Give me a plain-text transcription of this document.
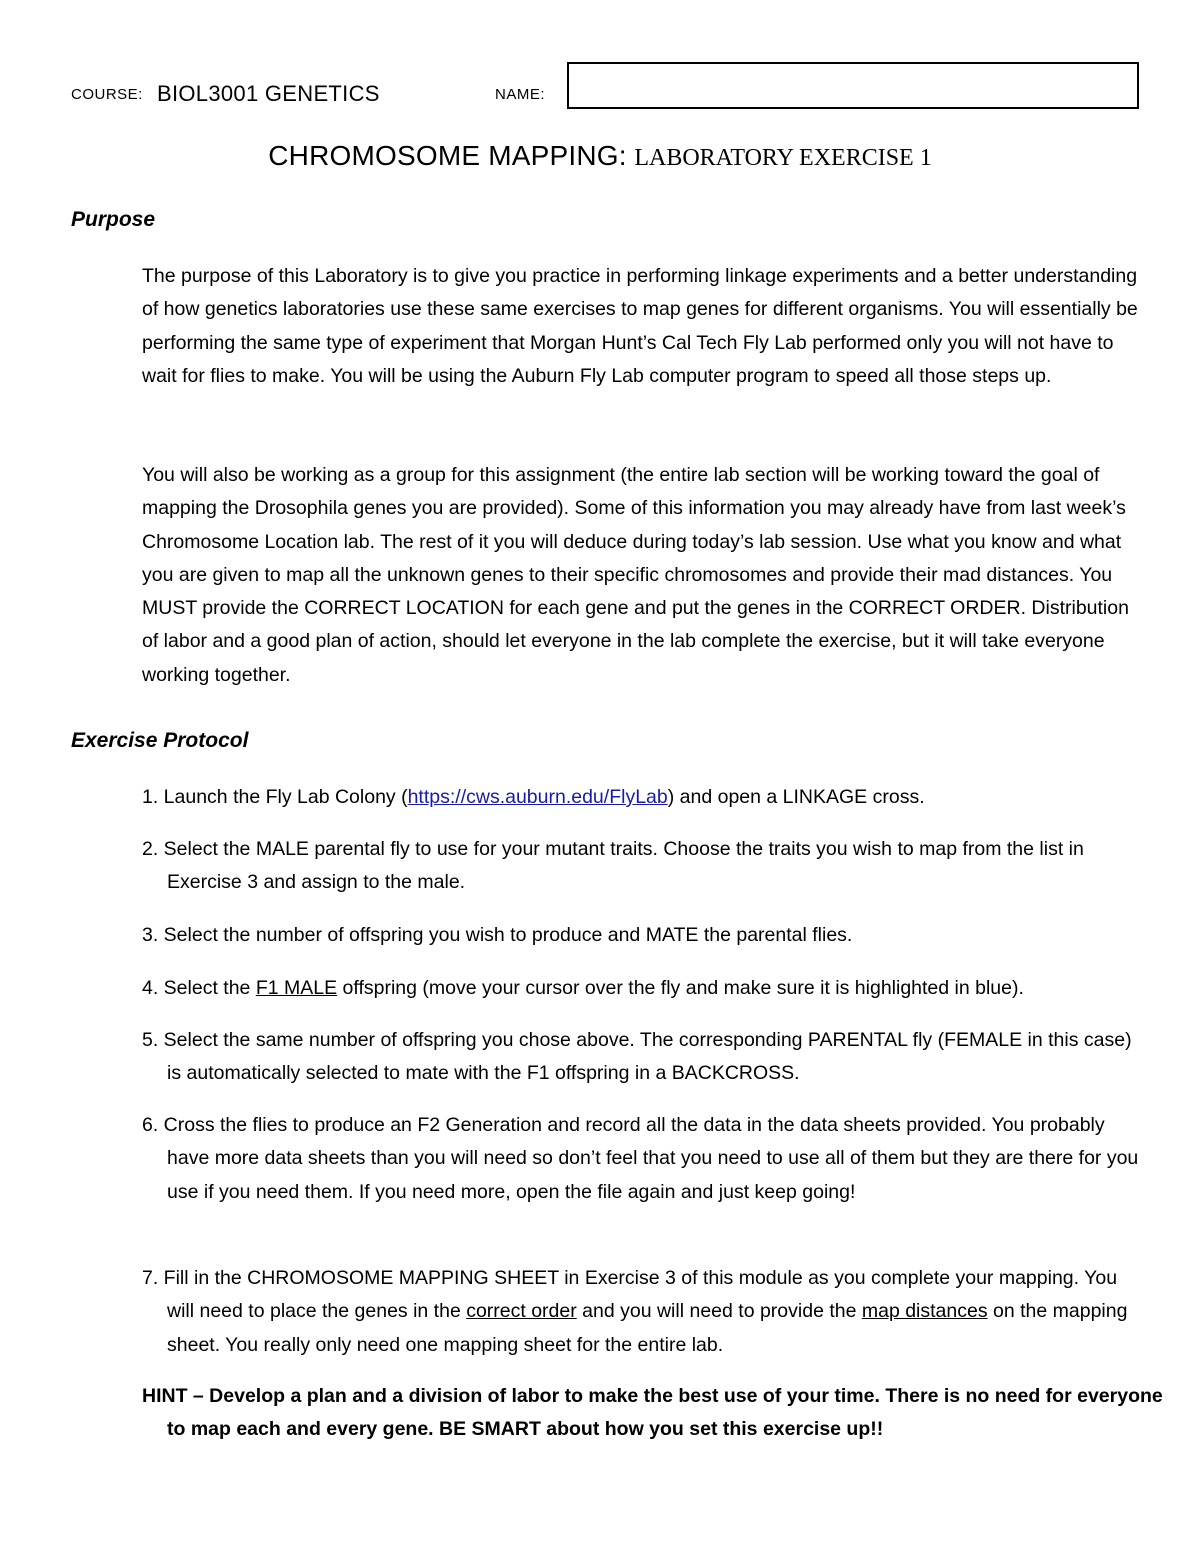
COURSE: BIOL3001 GENETICS	NAME:
CHROMOSOME MAPPING: LABORATORY EXERCISE 1
Purpose

The purpose of this Laboratory is to give you practice in performing linkage experiments and a better understanding of how genetics laboratories use these same exercises to map genes for different organisms. You will essentially be performing the same type of experiment that Morgan Hunt’s Cal Tech Fly Lab performed only you will not have to wait for flies to make. You will be using the Auburn Fly Lab computer program to speed all those steps up.

You will also be working as a group for this assignment (the entire lab section will be working toward the goal of mapping the Drosophila genes you are provided). Some of this information you may already have from last week’s Chromosome Location lab. The rest of it you will deduce during today’s lab session. Use what you know and what you are given to map all the unknown genes to their specific chromosomes and provide their mad distances. You MUST provide the CORRECT LOCATION for each gene and put the genes in the CORRECT ORDER. Distribution of labor and a good plan of action, should let everyone in the lab complete the exercise, but it will take everyone working together.

Exercise Protocol

1. Launch the Fly Lab Colony (https://cws.auburn.edu/FlyLab) and open a LINKAGE cross.

2. Select the MALE parental fly to use for your mutant traits. Choose the traits you wish to map from the list in Exercise 3 and assign to the male.

3. Select the number of offspring you wish to produce and MATE the parental flies.

4. Select the F1 MALE offspring (move your cursor over the fly and make sure it is highlighted in blue).

5. Select the same number of offspring you chose above. The corresponding PARENTAL fly (FEMALE in this case) is automatically selected to mate with the F1 offspring in a BACKCROSS.

6. Cross the flies to produce an F2 Generation and record all the data in the data sheets provided. You probably have more data sheets than you will need so don’t feel that you need to use all of them but they are there for you use if you need them. If you need more, open the file again and just keep going!

7. Fill in the CHROMOSOME MAPPING SHEET in Exercise 3 of this module as you complete your mapping. You will need to place the genes in the correct order and you will need to provide the map distances on the mapping sheet. You really only need one mapping sheet for the entire lab.

HINT – Develop a plan and a division of labor to make the best use of your time. There is no need for everyone to map each and every gene. BE SMART about how you set this exercise up!!
